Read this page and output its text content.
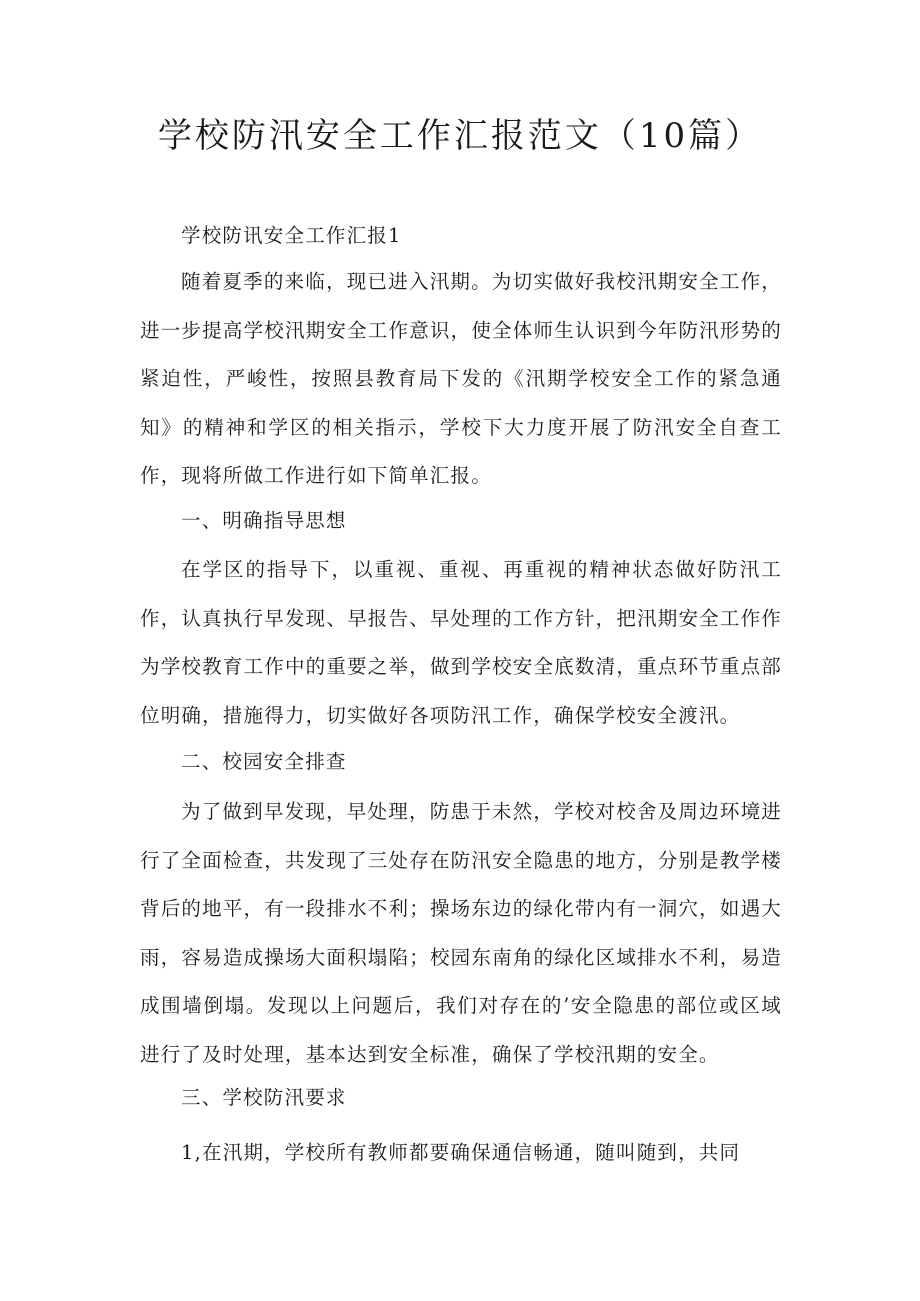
学校防汛安全工作汇报范文（10篇）

学校防讯安全工作汇报1

随着夏季的来临，现已进入汛期。为切实做好我校汛期安全工作，进一步提高学校汛期安全工作意识，使全体师生认识到今年防汛形势的紧迫性，严峻性，按照县教育局下发的《汛期学校安全工作的紧急通知》的精神和学区的相关指示，学校下大力度开展了防汛安全自查工作，现将所做工作进行如下简单汇报。

一、明确指导思想

在学区的指导下，以重视、重视、再重视的精神状态做好防汛工作，认真执行早发现、早报告、早处理的工作方针，把汛期安全工作作为学校教育工作中的重要之举，做到学校安全底数清，重点环节重点部位明确，措施得力，切实做好各项防汛工作，确保学校安全渡汛。

二、校园安全排查

为了做到早发现，早处理，防患于未然，学校对校舍及周边环境进行了全面检查，共发现了三处存在防汛安全隐患的地方，分别是教学楼背后的地平，有一段排水不利；操场东边的绿化带内有一洞穴，如遇大雨，容易造成操场大面积塌陷；校园东南角的绿化区域排水不利，易造成围墙倒塌。发现以上问题后，我们对存在的’安全隐患的部位或区域进行了及时处理，基本达到安全标准，确保了学校汛期的安全。

三、学校防汛要求

1,在汛期，学校所有教师都要确保通信畅通，随叫随到，共同
